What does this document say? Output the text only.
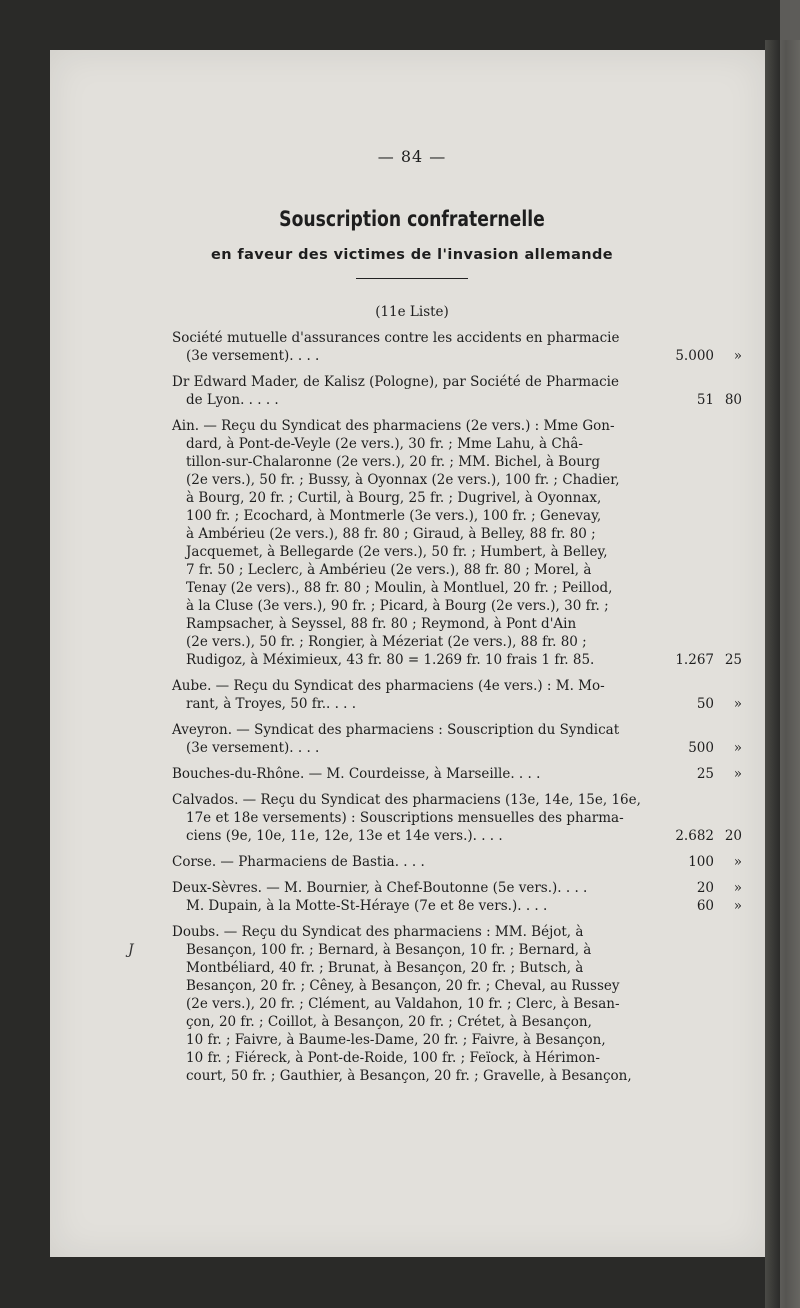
J
— 84 —
Souscription confraternelle
en faveur des victimes de l'invasion allemande
(11e Liste)
Société mutuelle d'assurances contre les accidents en pharmacie
(3e versement). . . .	5.000 »
Dr Edward Mader, de Kalisz (Pologne), par Société de Pharmacie
de Lyon. . . . .	51 80
Ain. — Reçu du Syndicat des pharmaciens (2e vers.) : Mme Gon-
dard, à Pont-de-Veyle (2e vers.), 30 fr. ; Mme Lahu, à Châ-
tillon-sur-Chalaronne (2e vers.), 20 fr. ; MM. Bichel, à Bourg
(2e vers.), 50 fr. ; Bussy, à Oyonnax (2e vers.), 100 fr. ; Chadier,
à Bourg, 20 fr. ; Curtil, à Bourg, 25 fr. ; Dugrivel, à Oyonnax,
100 fr. ; Ecochard, à Montmerle (3e vers.), 100 fr. ; Genevay,
à Ambérieu (2e vers.), 88 fr. 80 ; Giraud, à Belley, 88 fr. 80 ;
Jacquemet, à Bellegarde (2e vers.), 50 fr. ; Humbert, à Belley,
7 fr. 50 ; Leclerc, à Ambérieu (2e vers.), 88 fr. 80 ; Morel, à
Tenay (2e vers)., 88 fr. 80 ; Moulin, à Montluel, 20 fr. ; Peillod,
à la Cluse (3e vers.), 90 fr. ; Picard, à Bourg (2e vers.), 30 fr. ;
Rampsacher, à Seyssel, 88 fr. 80 ; Reymond, à Pont d'Ain
(2e vers.), 50 fr. ; Rongier, à Mézeriat (2e vers.), 88 fr. 80 ;
Rudigoz, à Méximieux, 43 fr. 80 = 1.269 fr. 10 frais 1 fr. 85.	1.267 25
Aube. — Reçu du Syndicat des pharmaciens (4e vers.) : M. Mo-
rant, à Troyes, 50 fr.. . . .	50 »
Aveyron. — Syndicat des pharmaciens : Souscription du Syndicat
(3e versement). . . .	500 »
Bouches-du-Rhône. — M. Courdeisse, à Marseille. . . .	25 »
Calvados. — Reçu du Syndicat des pharmaciens (13e, 14e, 15e, 16e,
17e et 18e versements) : Souscriptions mensuelles des pharma-
ciens (9e, 10e, 11e, 12e, 13e et 14e vers.). . . .	2.682 20
Corse. — Pharmaciens de Bastia. . . .	100 »
Deux-Sèvres. — M. Bournier, à Chef-Boutonne (5e vers.). . . .	20 »
M. Dupain, à la Motte-St-Héraye (7e et 8e vers.). . . .	60 »
Doubs. — Reçu du Syndicat des pharmaciens : MM. Béjot, à
Besançon, 100 fr. ; Bernard, à Besançon, 10 fr. ; Bernard, à
Montbéliard, 40 fr. ; Brunat, à Besançon, 20 fr. ; Butsch, à
Besançon, 20 fr. ; Cêney, à Besançon, 20 fr. ; Cheval, au Russey
(2e vers.), 20 fr. ; Clément, au Valdahon, 10 fr. ; Clerc, à Besan-
çon, 20 fr. ; Coillot, à Besançon, 20 fr. ; Crétet, à Besançon,
10 fr. ; Faivre, à Baume-les-Dame, 20 fr. ; Faivre, à Besançon,
10 fr. ; Fiéreck, à Pont-de-Roide, 100 fr. ; Feïock, à Hérimon-
court, 50 fr. ; Gauthier, à Besançon, 20 fr. ; Gravelle, à Besançon,
